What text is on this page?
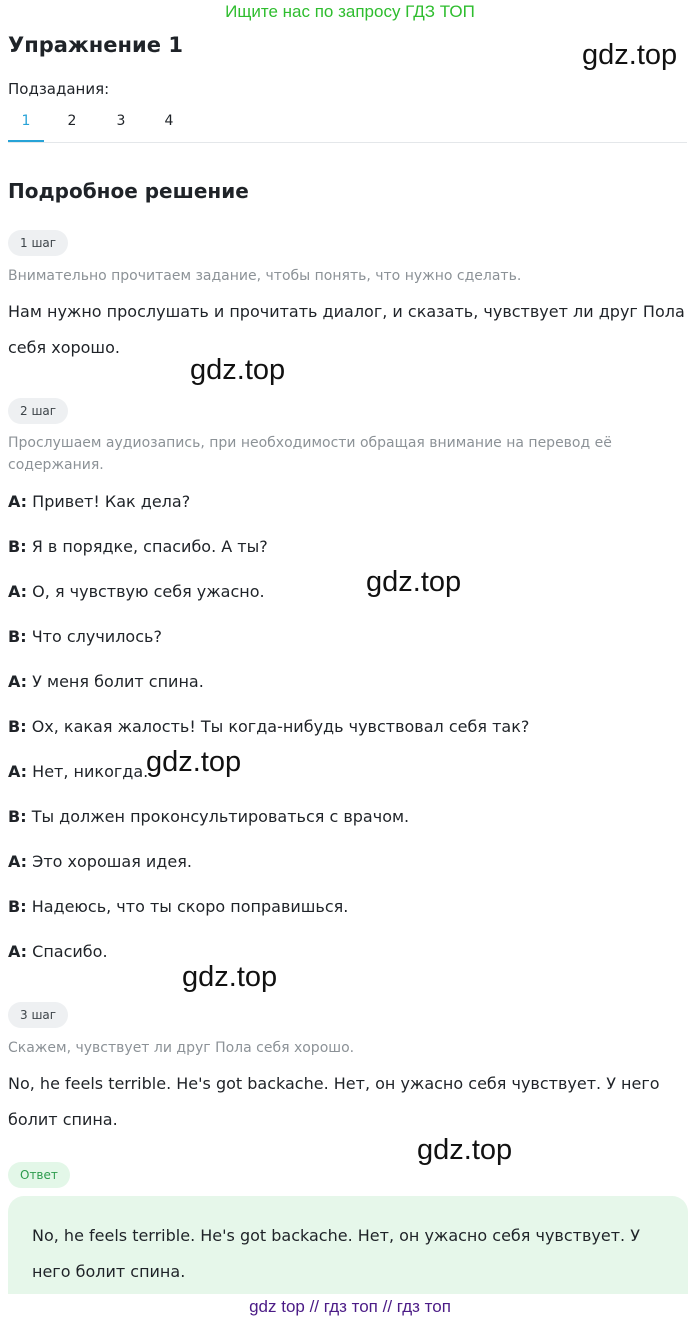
Ищите нас по запросу ГДЗ ТОП
Упражнение 1	gdz.top
Подзадания:
1	2	3	4
Подробное решение
1 шаг
Внимательно прочитаем задание, чтобы понять, что нужно сделать.
Нам нужно прослушать и прочитать диалог, и сказать, чувствует ли друг Пола себя хорошо.
gdz.top
2 шаг
Прослушаем аудиозапись, при необходимости обращая внимание на перевод её содержания.
A: Привет! Как дела?
B: Я в порядке, спасибо. А ты?
A: О, я чувствую себя ужасно.	gdz.top
B: Что случилось?
A: У меня болит спина.
B: Ох, какая жалость! Ты когда-нибудь чувствовал себя так?
A: Нет, никогда.
gdz.top
B: Ты должен проконсультироваться с врачом.
A: Это хорошая идея.
B: Надеюсь, что ты скоро поправишься.
A: Спасибо.
gdz.top
3 шаг
Скажем, чувствует ли друг Пола себя хорошо.
No, he feels terrible. He's got backache. Нет, он ужасно себя чувствует. У него болит спина.
gdz.top
Ответ
No, he feels terrible. He's got backache. Нет, он ужасно себя чувствует. У него болит спина.
gdz top // гдз топ // гдз топ
